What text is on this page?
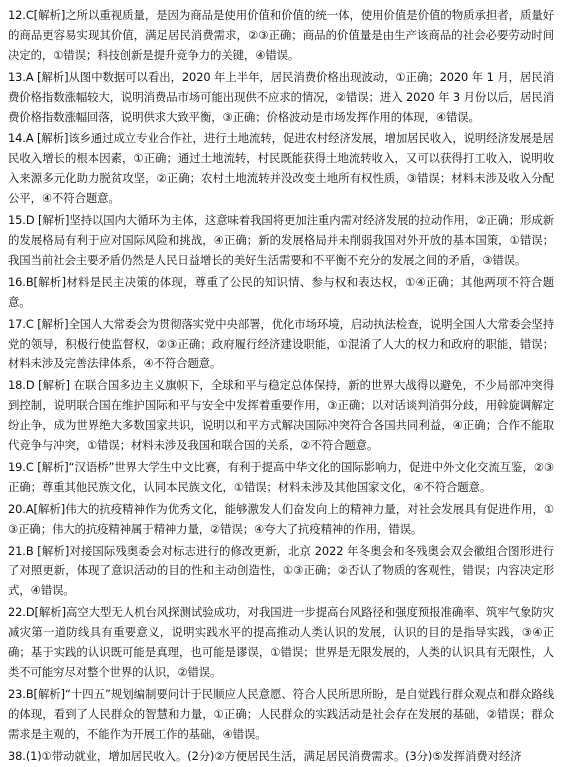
12.C[解析]之所以重视质量，是因为商品是使用价值和价值的统一体，使用价值是价值的物质承担者，质量好的商品更容易实现其价值，满足居民消费需求，②③正确；商品的价值量是由生产该商品的社会必要劳动时间决定的，①错误；科技创新是提升竞争力的关键，④错误。

13.A [解析]从图中数据可以看出，2020 年上半年，居民消费价格出现波动，①正确；2020 年 1 月，居民消费价格指数涨幅较大，说明消费品市场可能出现供不应求的情况，②错误；进入 2020 年 3 月份以后，居民消费价格指数涨幅回落，说明供求大致平衡，③正确；价格波动是市场发挥作用的体现，④错误。

14.A [解析]该乡通过成立专业合作社，进行土地流转，促进农村经济发展，增加居民收入，说明经济发展是居民收入增长的根本因素，①正确；通过土地流转，村民既能获得土地流转收入，又可以获得打工收入，说明收入来源多元化助力脱贫攻坚，②正确；农村土地流转并没改变土地所有权性质，③错误；材料未涉及收入分配公平，④不符合题意。

15.D [解析]坚持以国内大循环为主体，这意味着我国将更加注重内需对经济发展的拉动作用，②正确；形成新的发展格局有利于应对国际风险和挑战，④正确；新的发展格局并未削弱我国对外开放的基本国策，①错误；我国当前社会主要矛盾仍然是人民日益增长的美好生活需要和不平衡不充分的发展之间的矛盾，③错误。

16.B[解析]材料是民主决策的体现，尊重了公民的知识情、参与权和表达权，①④正确；其他两项不符合题意。

17.C [解析]全国人大常委会为贯彻落实党中央部署，优化市场环境，启动执法检查，说明全国人大常委会坚持党的领导，积极行使监督权，②③正确；政府履行经济建设职能，①混淆了人大的权力和政府的职能，错误；材料未涉及完善法律体系，④不符合题意。

18.D [解析] 在联合国多边主义旗帜下，全球和平与稳定总体保持，新的世界大战得以避免，不少局部冲突得到控制，说明联合国在维护国际和平与安全中发挥着重要作用，③正确；以对话谈判消弭分歧，用斡旋调解定纷止争，成为世界绝大多数国家共识，说明以和平方式解决国际冲突符合各国共同利益，④正确；合作不能取代竞争与冲突，①错误；材料未涉及我国和联合国的关系，②不符合题意。

19.C [解析]“汉语桥”世界大学生中文比赛，有利于提高中华文化的国际影响力，促进中外文化交流互鉴，②③正确；尊重其他民族文化，认同本民族文化，①错误；材料未涉及其他国家文化，④不符合题意。

20.A[解析]伟大的抗疫精神作为优秀文化，能够激发人们奋发向上的精神力量，对社会发展具有促进作用，①③正确；伟大的抗疫精神属于精神力量，②错误；④夸大了抗疫精神的作用，错误。

21.B [解析]对接国际残奥委会对标志进行的修改更新，北京 2022 年冬奥会和冬残奥会双会徽组合图形进行了对照更新，体现了意识活动的目的性和主动创造性，①③正确；②否认了物质的客观性，错误；内容决定形式，④错误。

22.D[解析]高空大型无人机台风探测试验成功，对我国进一步提高台风路径和强度预报准确率、筑牢气象防灾减灾第一道防线具有重要意义，说明实践水平的提高推动人类认识的发展，认识的目的是指导实践，③④正确；基于实践的认识既可能是真理，也可能是谬误，①错误；世界是无限发展的，人类的认识具有无限性，人类不可能穷尽对整个世界的认识，②错误。

23.B[解析]“十四五”规划编制要问计于民顺应人民意愿、符合人民所思所盼，是自觉践行群众观点和群众路线的体现，看到了人民群众的智慧和力量，①正确；人民群众的实践活动是社会存在发展的基础，②错误；群众需求是主观的，不能作为开展工作的基础，④错误。

38.(1)①带动就业，增加居民收入。(2分)②方便居民生活，满足居民消费需求。(3分)⑤发挥消费对经济
